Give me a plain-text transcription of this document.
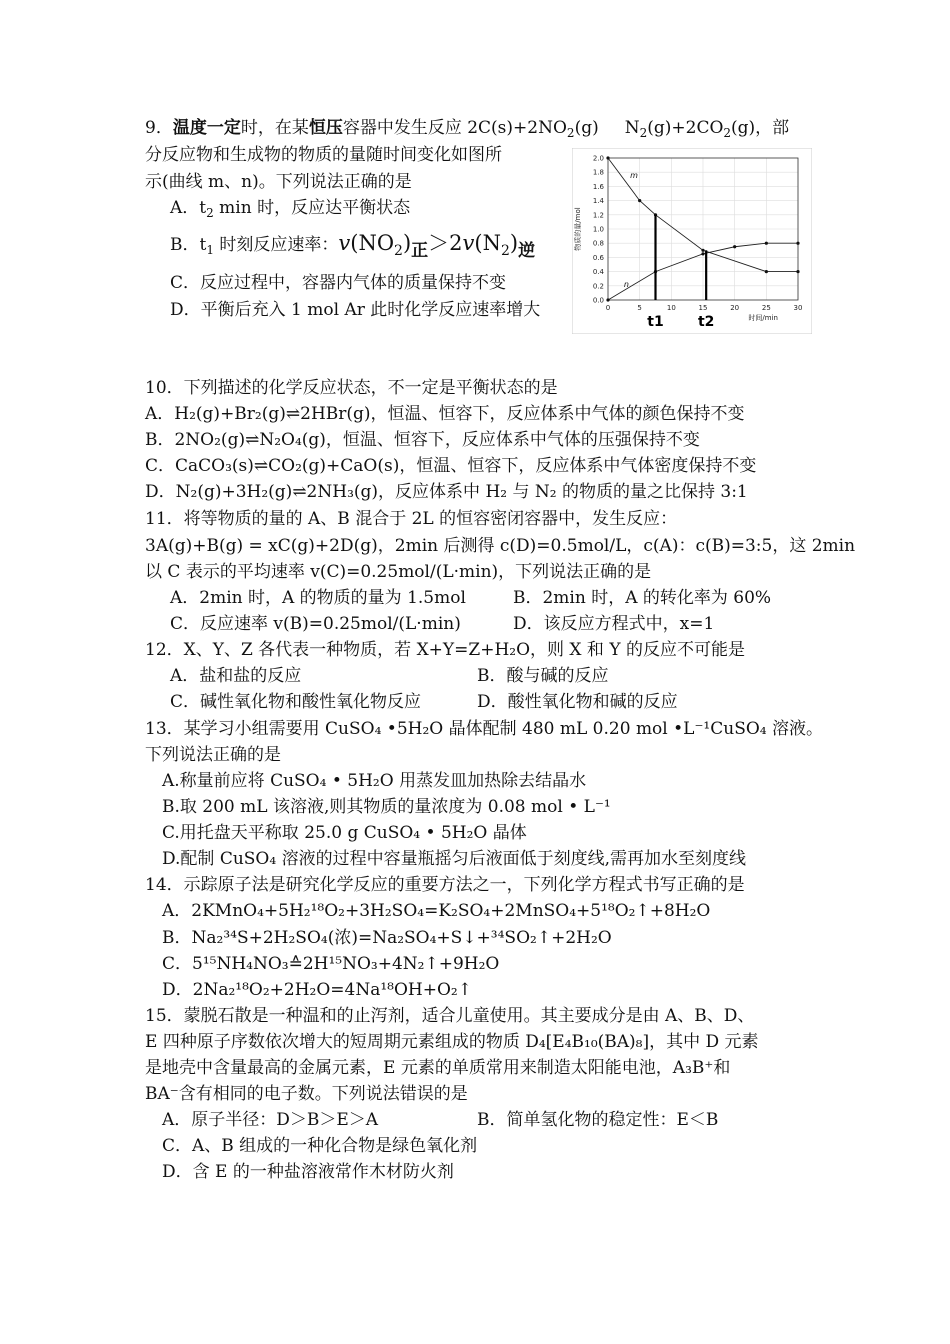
9．温度一定时，在某恒压容器中发生反应 $2C(s)+2NO_2(g)$ $N_2(g)+2CO_2(g)$，部
分反应物和生成物的物质的量随时间变化如图所
示(曲线 m、n)。下列说法正确的是
A．$t_2$ min 时，反应达平衡状态
B．$t_1$ 时刻反应速率：$v(NO_2)$正$>2v(N_2)$逆
C．反应过程中，容器内气体的质量保持不变
D．平衡后充入 1 mol Ar 此时化学反应速率增大	0.0
0.2
0.4
0.6
0.8
1.0
1.2
1.4
1.6
1.8
2.0
0	5	10	15	20	25	30
m
n
t1 t2	时间/min
物质的量/mol
10．下列描述的化学反应状态，不一定是平衡状态的是
A．H₂(g)+Br₂(g)⇌2HBr(g)，恒温、恒容下，反应体系中气体的颜色保持不变
B．2NO₂(g)⇌N₂O₄(g)，恒温、恒容下，反应体系中气体的压强保持不变
C．CaCO₃(s)⇌CO₂(g)+CaO(s)，恒温、恒容下，反应体系中气体密度保持不变
D．N₂(g)+3H₂(g)⇌2NH₃(g)，反应体系中 H₂ 与 N₂ 的物质的量之比保持 3:1
11．将等物质的量的 A、B 混合于 2L 的恒容密闭容器中，发生反应：
3A(g)+B(g) = xC(g)+2D(g)，2min 后测得 c(D)=0.5mol/L，c(A)：c(B)=3:5，这 2min
以 C 表示的平均速率 v(C)=0.25mol/(L·min)，下列说法正确的是
A．2min 时，A 的物质的量为 1.5mol	B．2min 时，A 的转化率为 60%
C．反应速率 v(B)=0.25mol/(L·min)	D．该反应方程式中，x=1
12．X、Y、Z 各代表一种物质，若 X+Y=Z+H₂O，则 X 和 Y 的反应不可能是
A．盐和盐的反应	B．酸与碱的反应
C．碱性氧化物和酸性氧化物反应	D．酸性氧化物和碱的反应
13．某学习小组需要用 CuSO₄ •5H₂O 晶体配制 480 mL 0.20 mol •L⁻¹CuSO₄ 溶液。
下列说法正确的是
A.称量前应将 CuSO₄ • 5H₂O 用蒸发皿加热除去结晶水
B.取 200 mL 该溶液,则其物质的量浓度为 0.08 mol • L⁻¹
C.用托盘天平称取 25.0 g CuSO₄ • 5H₂O 晶体
D.配制 CuSO₄ 溶液的过程中容量瓶摇匀后液面低于刻度线,需再加水至刻度线
14．示踪原子法是研究化学反应的重要方法之一，下列化学方程式书写正确的是
A．2KMnO₄+5H₂¹⁸O₂+3H₂SO₄=K₂SO₄+2MnSO₄+5¹⁸O₂↑+8H₂O
B．Na₂³⁴S+2H₂SO₄(浓)=Na₂SO₄+S↓+³⁴SO₂↑+2H₂O
C．5¹⁵NH₄NO₃≙2H¹⁵NO₃+4N₂↑+9H₂O
D．2Na₂¹⁸O₂+2H₂O=4Na¹⁸OH+O₂↑
15．蒙脱石散是一种温和的止泻剂，适合儿童使用。其主要成分是由 A、B、D、
E 四种原子序数依次增大的短周期元素组成的物质 D₄[E₄B₁₀(BA)₈]，其中 D 元素
是地壳中含量最高的金属元素，E 元素的单质常用来制造太阳能电池，A₃B⁺和
BA⁻含有相同的电子数。下列说法错误的是
A．原子半径：D＞B＞E＞A	B．简单氢化物的稳定性：E＜B
C．A、B 组成的一种化合物是绿色氧化剂
D．含 E 的一种盐溶液常作木材防火剂
